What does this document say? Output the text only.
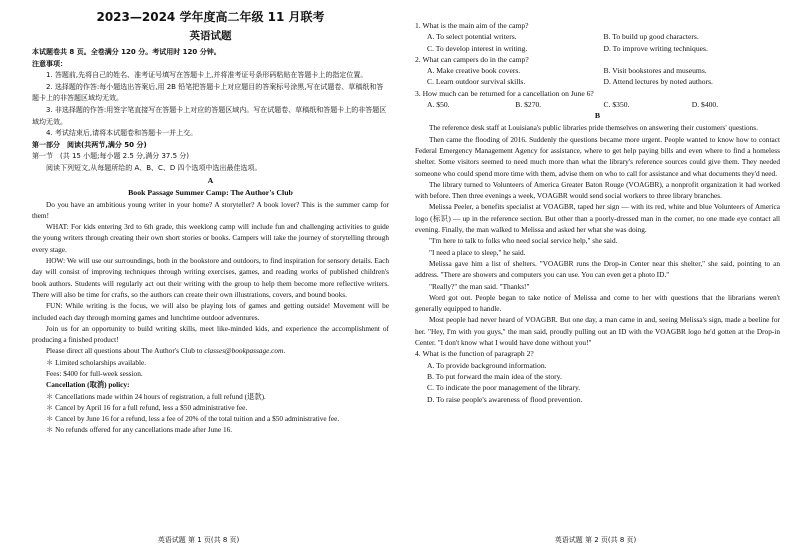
2023—2024 学年度高二年级 11 月联考
英语试题
本试题卷共 8 页。全卷满分 120 分。考试用时 120 分钟。
注意事项：
1. 答题前,先将自己的姓名、准考证号填写在答题卡上,并将准考证号条形码粘贴在答题卡上的指定位置。
2. 选择题的作答:每小题选出答案后,用 2B 铅笔把答题卡上对应题目的答案标号涂黑,写在试题卷、草稿纸和答题卡上的非答题区域均无效。
3. 非选择题的作答:用签字笔直接写在答题卡上对应的答题区域内。写在试题卷、草稿纸和答题卡上的非答题区域均无效。
4. 考试结束后,请将本试题卷和答题卡一并上交。
第一部分　阅读(共两节,满分 50 分)
第一节　(共 15 小题;每小题 2.5 分,满分 37.5 分)
阅读下列短文,从每题所给的 A、B、C、D 四个选项中选出最佳选项。
A
Book Passage Summer Camp: The Author's Club

Do you have an ambitious young writer in your home? A storyteller? A book lover? This is the summer camp for them!

WHAT: For kids entering 3rd to 6th grade, this weeklong camp will include fun and challenging activities to guide the young writers through creating their own short stories or books. Campers will take the journey of storytelling through every stage.

HOW: We will use our surroundings, both in the bookstore and outdoors, to find inspiration for sensory details. Each day will consist of improving techniques through writing exercises, games, and reading works of published children's book authors. Students will regularly act out their writing with the group to help them become more reflective writers. There will also be time for crafts, so the authors can create their own illustrations, covers, and bound books.

FUN: While writing is the focus, we will also be playing lots of games and getting outside! Movement will be included each day through morning games and lunchtime outdoor adventures.

Join us for an opportunity to build writing skills, meet like-minded kids, and experience the accomplishment of producing a finished product!

Please direct all questions about The Author's Club to classes@bookpassage.com.

＊ Limited scholarships available.

Fees: $400 for full-week session.

Cancellation (取消) policy:

＊ Cancellations made within 24 hours of registration, a full refund (退款).

＊ Cancel by April 16 for a full refund, less a $50 administrative fee.

＊ Cancel by June 16 for a refund, less a fee of 20% of the total tuition and a $50 administrative fee.

＊ No refunds offered for any cancellations made after June 16.

英语试题 第 1 页(共 8 页)
1. What is the main aim of the camp?
A. To select potential writers.	B. To build up good characters.
C. To develop interest in writing.	D. To improve writing techniques.
2. What can campers do in the camp?
A. Make creative book covers.	B. Visit bookstores and museums.
C. Learn outdoor survival skills.	D. Attend lectures by noted authors.
3. How much can be returned for a cancellation on June 6?
A. $50.	B. $270.	C. $350.	D. $400.
B

The reference desk staff at Louisiana's public libraries pride themselves on answering their customers' questions.

Then came the flooding of 2016. Suddenly the questions became more urgent. People wanted to know how to contact Federal Emergency Management Agency for assistance, where to get help paying bills and even where to find a homeless shelter. Some visitors seemed to need much more than what the library's reference sources could give them. They needed someone who could spend more time with them, advise them on who to call for assistance and what documents they'd need.

The library turned to Volunteers of America Greater Baton Rouge (VOAGBR), a nonprofit organization it had worked with before. Then three evenings a week, VOAGBR would send social workers to three library branches.

Melissa Peeler, a benefits specialist at VOAGBR, taped her sign — with its red, white and blue Volunteers of America logo (标识) — up in the reference section. But other than a poorly-dressed man in the corner, no one made eye contact all evening. Finally, the man walked to Melissa and asked her what she was doing.

"I'm here to talk to folks who need social service help," she said.

"I need a place to sleep," he said.

Melissa gave him a list of shelters. "VOAGBR runs the Drop-in Center near this shelter," she said, pointing to an address. "There are showers and computers you can use. You can even get a photo ID."

"Really?" the man said. "Thanks!"

Word got out. People began to take notice of Melissa and come to her with questions that the librarians weren't generally equipped to handle.

Most people had never heard of VOAGBR. But one day, a man came in and, seeing Melissa's sign, made a beeline for her. "Hey, I'm with you guys," the man said, proudly pulling out an ID with the VOAGBR logo he'd gotten at the Drop-in Center. "I don't know what I would have done without you!"

4. What is the function of paragraph 2?
A. To provide background information.
B. To put forward the main idea of the story.
C. To indicate the poor management of the library.
D. To raise people's awareness of flood prevention.
英语试题 第 2 页(共 8 页)
